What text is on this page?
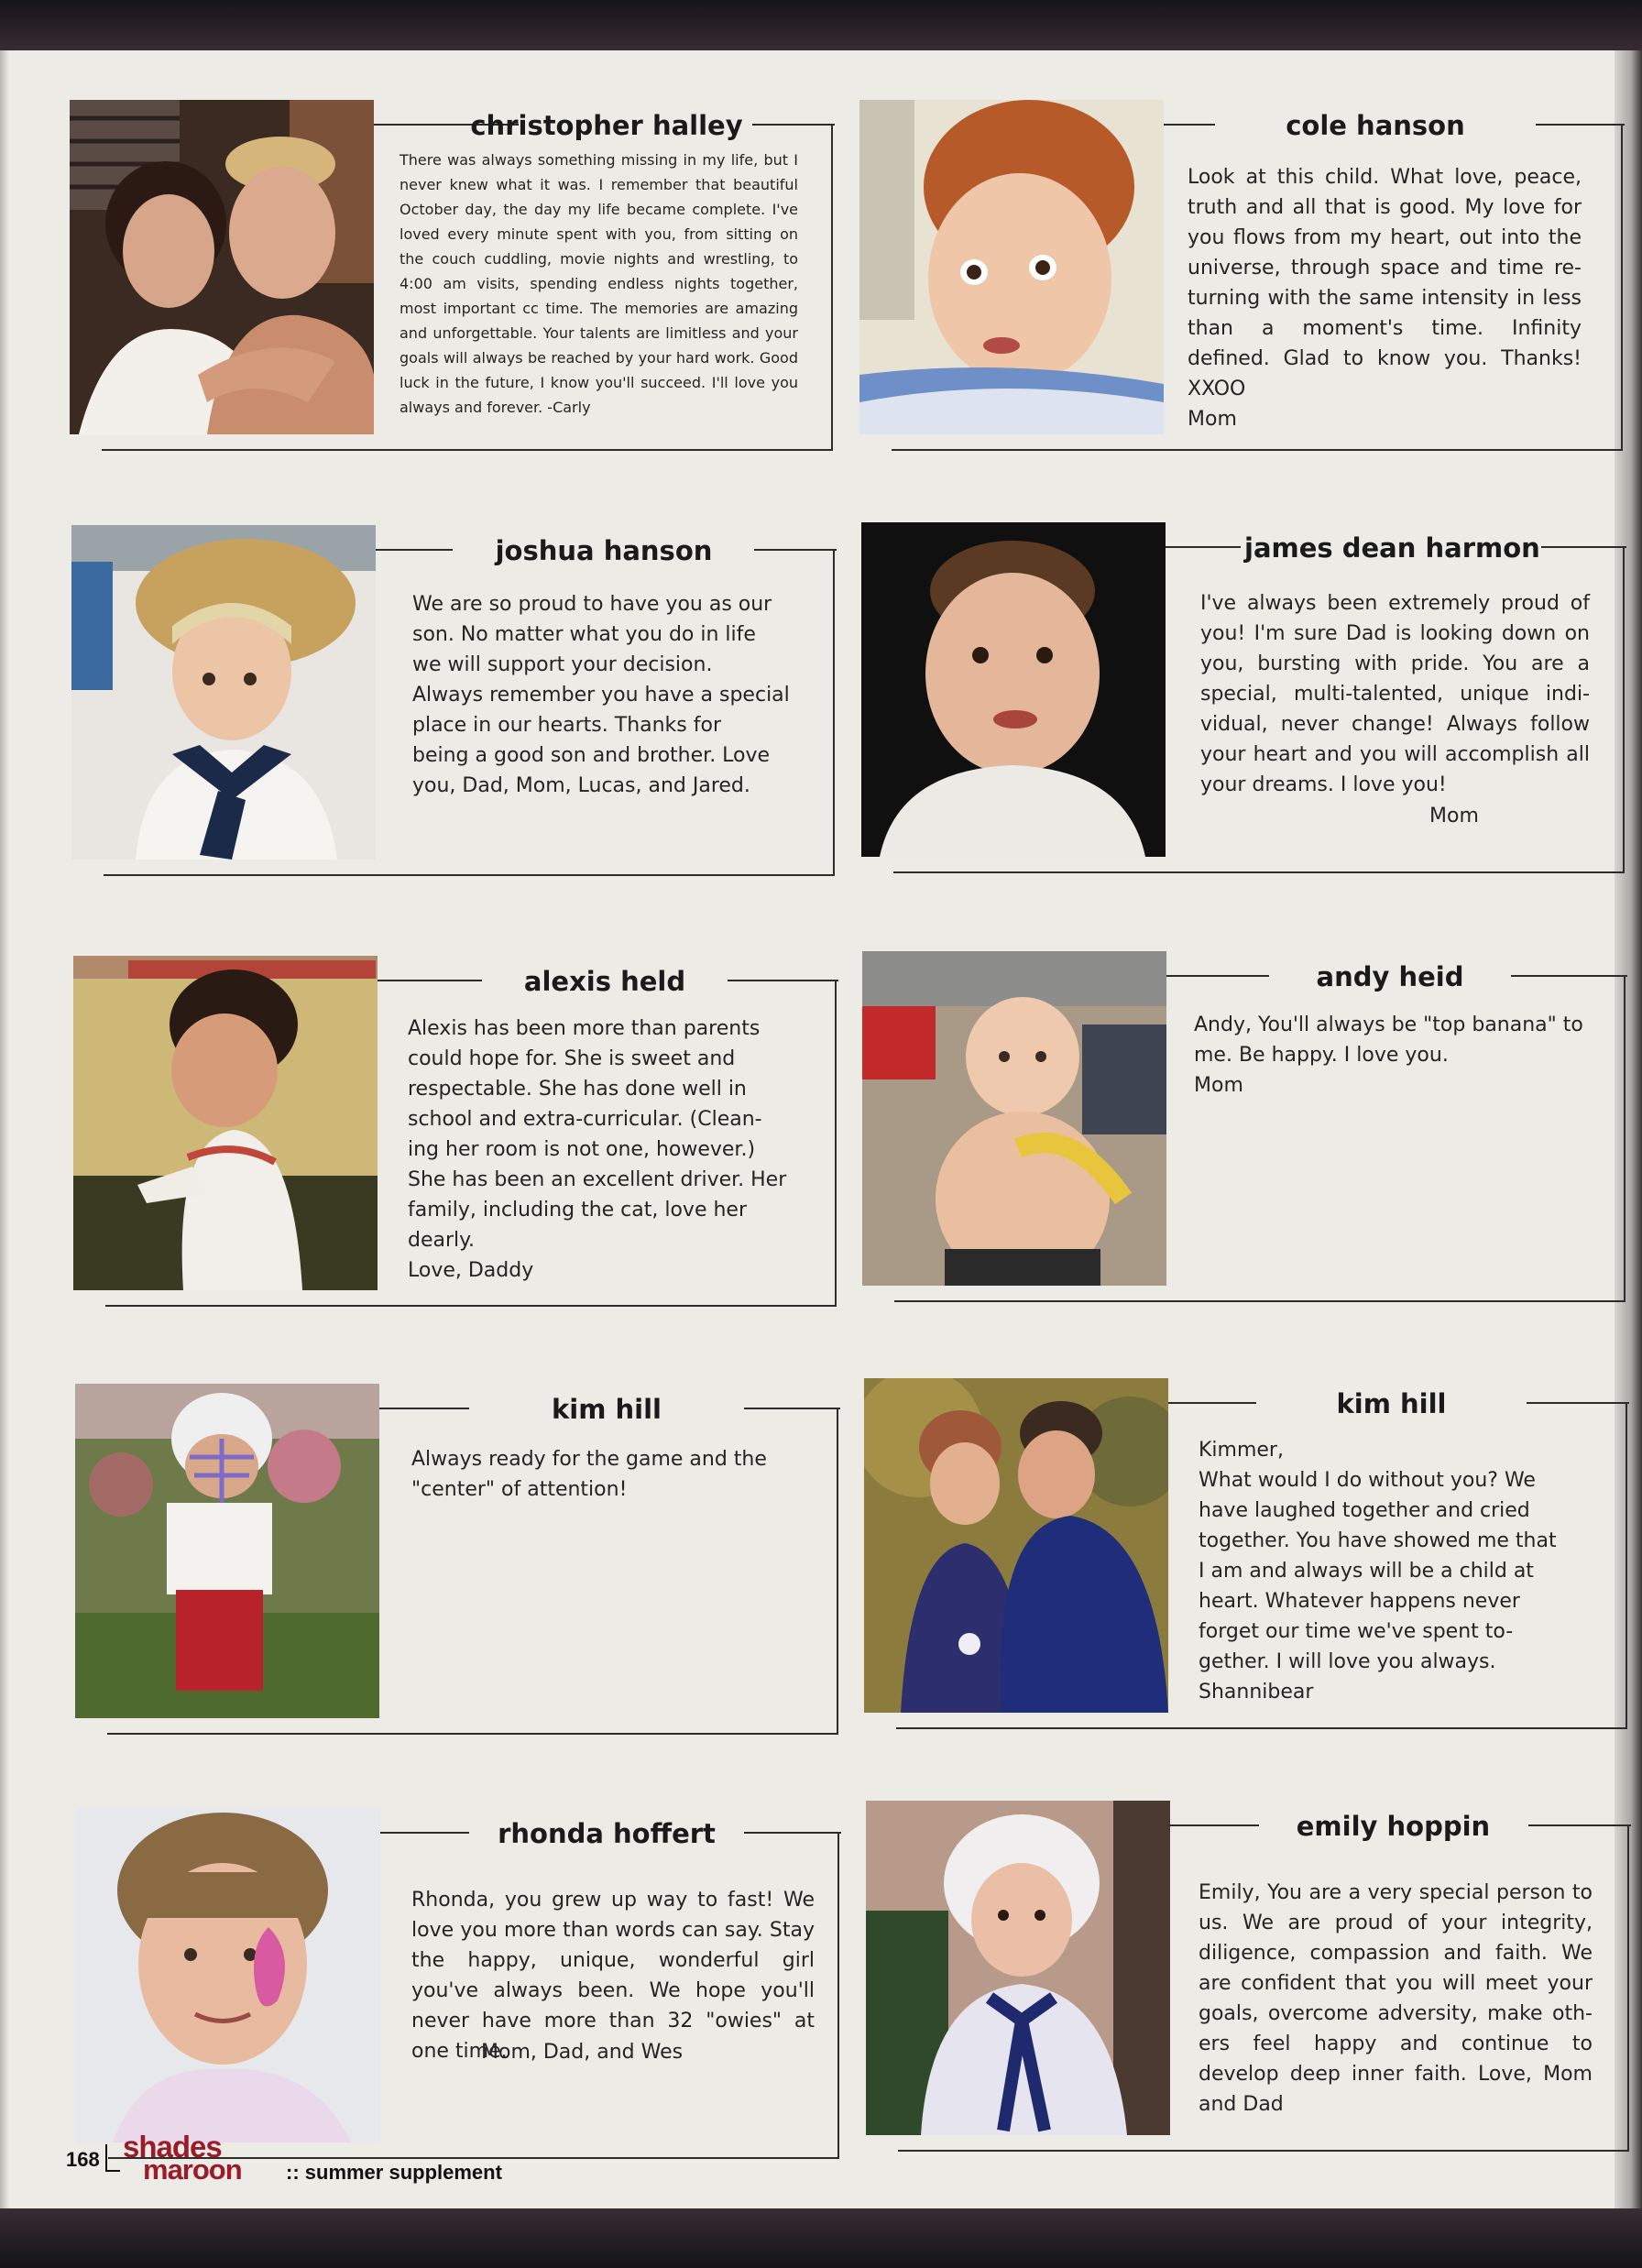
christopher halley
There was always something missing in my life, but I never knew what it was. I remember that beautiful October day, the day my life became complete. I've loved every minute spent with you, from sitting on the couch cuddling, movie nights and wrestling, to 4:00 am visits, spending endless nights together, most important cc time. The memories are amazing and unforgettable. Your talents are limitless and your goals will always be reached by your hard work. Good luck in the future, I know you'll succeed. I'll love you always and forever. -Carly
cole hanson
Look at this child. What love, peace, truth and all that is good. My love for you flows from my heart, out into the universe, through space and time re-turning with the same intensity in less than a moment's time. Infinity defined. Glad to know you. Thanks! XXOO
Mom
joshua hanson
We are so proud to have you as our
son. No matter what you do in life
we will support your decision.
Always remember you have a special
place in our hearts. Thanks for
being a good son and brother. Love
you, Dad, Mom, Lucas, and Jared.
james dean harmon
I've always been extremely proud of you! I'm sure Dad is looking down on you, bursting with pride. You are a special, multi-talented, unique indi-vidual, never change! Always follow your heart and you will accomplish all your dreams. I love you!
Mom
alexis held
Alexis has been more than parents
could hope for. She is sweet and
respectable. She has done well in
school and extra-curricular. (Clean-
ing her room is not one, however.)
She has been an excellent driver. Her
family, including the cat, love her
dearly.
Love, Daddy
andy heid
Andy, You'll always be "top banana" to
me. Be happy. I love you.
Mom
kim hill
Always ready for the game and the
"center" of attention!
kim hill
Kimmer,
What would I do without you? We
have laughed together and cried
together. You have showed me that
I am and always will be a child at
heart. Whatever happens never
forget our time we've spent to-
gether. I will love you always.
Shannibear
rhonda hoffert
Rhonda, you grew up way to fast! We love you more than words can say. Stay the happy, unique, wonderful girl you've always been. We hope you'll never have more than 32 "owies" at one time.
Mom, Dad, and Wes
emily hoppin
Emily, You are a very special person to us. We are proud of your integrity, diligence, compassion and faith. We are confident that you will meet your goals, overcome adversity, make oth-ers feel happy and continue to develop deep inner faith. Love, Mom and Dad
168 shades
maroon :: summer supplement
